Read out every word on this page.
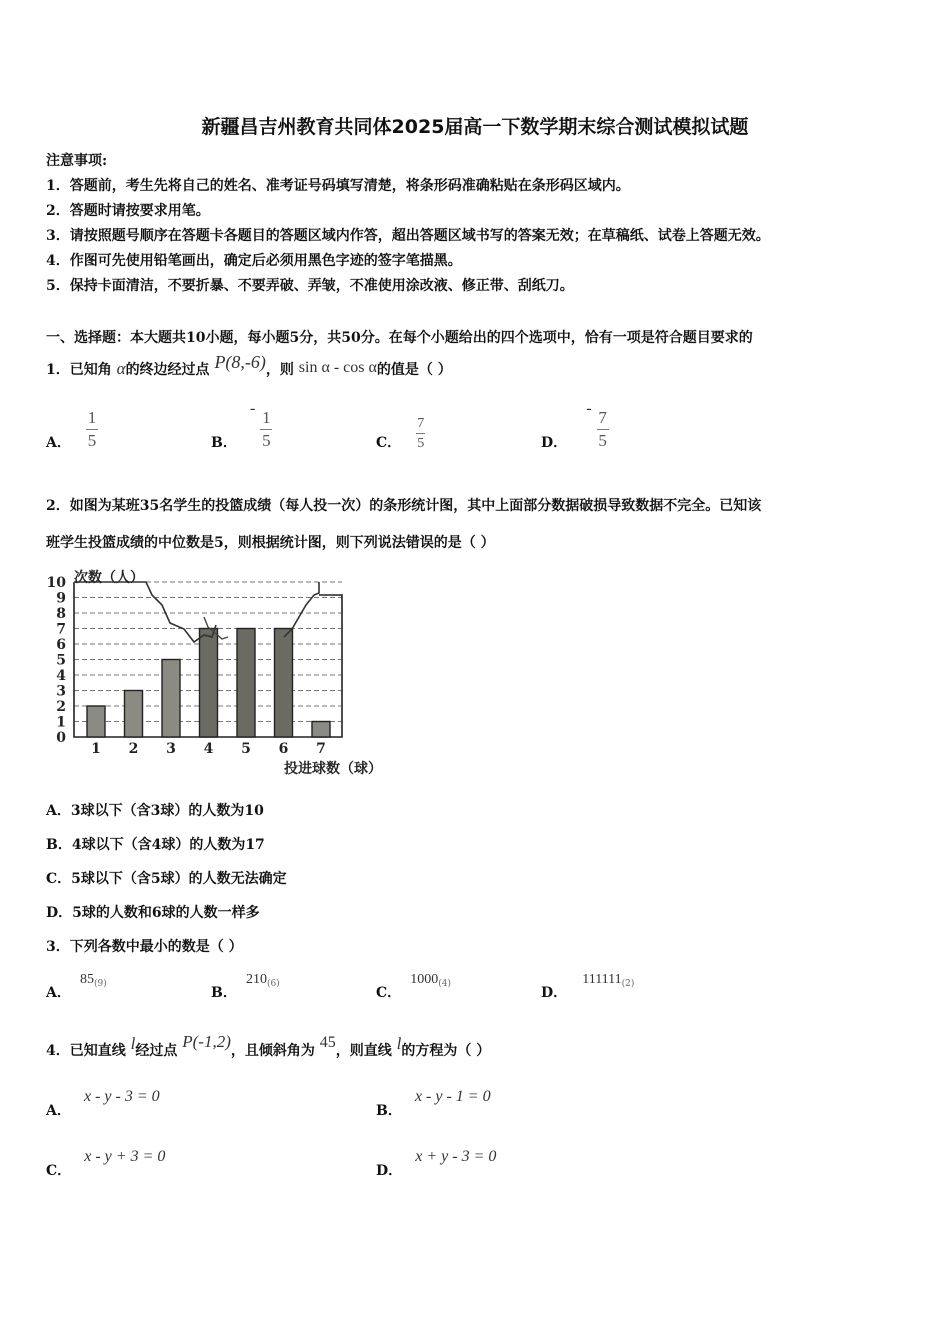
新疆昌吉州教育共同体2025届高一下数学期末综合测试模拟试题
注意事项:
1．答题前，考生先将自己的姓名、准考证号码填写清楚，将条形码准确粘贴在条形码区域内。
2．答题时请按要求用笔。
3．请按照题号顺序在答题卡各题目的答题区域内作答，超出答题区域书写的答案无效；在草稿纸、试卷上答题无效。
4．作图可先使用铅笔画出，确定后必须用黑色字迹的签字笔描黑。
5．保持卡面清洁，不要折暴、不要弄破、弄皱，不准使用涂改液、修正带、刮纸刀。
一、选择题：本大题共10小题，每小题5分，共50分。在每个小题给出的四个选项中，恰有一项是符合题目要求的
1．已知角 α的终边经过点 P(8,-6)，则 sin α - cos α的值是（ ）
A． $\frac{1}{5}$	B． -
$\frac{1}{5}$	C． $\frac{7}{5}$	D． -
$\frac{7}{5}$
2．如图为某班35名学生的投篮成绩（每人投一次）的条形统计图，其中上面部分数据破损导致数据不完全。已知该
班学生投篮成绩的中位数是5，则根据统计图，则下列说法错误的是（ ）
0
1
2
3
4
5
6
7
8
9
10
1 2 3 4 5 6 7
次数（人）
投进球数（球）
A．3球以下（含3球）的人数为10
B．4球以下（含4球）的人数为17
C．5球以下（含5球）的人数无法确定
D．5球的人数和6球的人数一样多
3．下列各数中最小的数是（ ）
A． $85_{(9)}$
B． $210_{(6)}$
C． $1000_{(4)}$
D． $111111_{(2)}$
4．已知直线 l经过点 P(-1,2)，且倾斜角为 45，则直线 l的方程为（ ）
A． x - y - 3 = 0
B． x - y - 1 = 0
C． x - y + 3 = 0
D． x + y - 3 = 0
